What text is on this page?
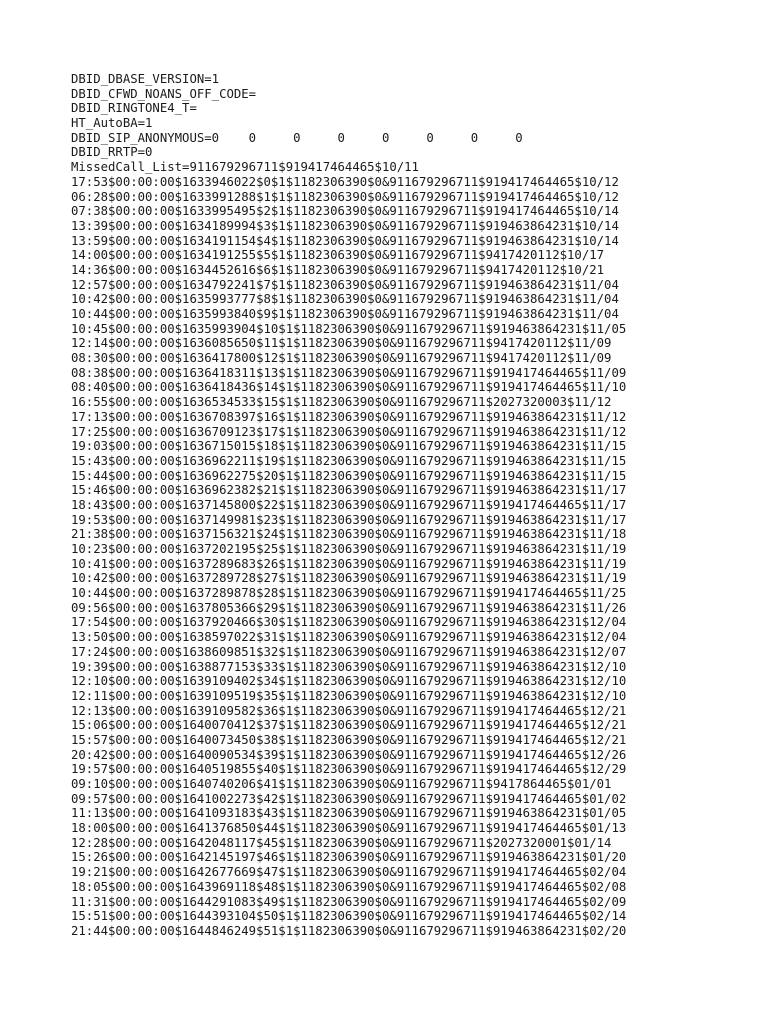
DBID_DBASE_VERSION=1
DBID_CFWD_NOANS_OFF_CODE=
DBID_RINGTONE4_T=
HT_AutoBA=1
DBID_SIP_ANONYMOUS=0    0     0     0     0     0     0     0
DBID_RRTP=0
MissedCall_List=911679296711$919417464465$10/11
17:53$00:00:00$1633946022$0$1$1182306390$0&911679296711$919417464465$10/12
06:28$00:00:00$1633991288$1$1$1182306390$0&911679296711$919417464465$10/12
07:38$00:00:00$1633995495$2$1$1182306390$0&911679296711$919417464465$10/14
13:39$00:00:00$1634189994$3$1$1182306390$0&911679296711$919463864231$10/14
13:59$00:00:00$1634191154$4$1$1182306390$0&911679296711$919463864231$10/14
14:00$00:00:00$1634191255$5$1$1182306390$0&911679296711$9417420112$10/17
14:36$00:00:00$1634452616$6$1$1182306390$0&911679296711$9417420112$10/21
12:57$00:00:00$1634792241$7$1$1182306390$0&911679296711$919463864231$11/04
10:42$00:00:00$1635993777$8$1$1182306390$0&911679296711$919463864231$11/04
10:44$00:00:00$1635993840$9$1$1182306390$0&911679296711$919463864231$11/04
10:45$00:00:00$1635993904$10$1$1182306390$0&911679296711$919463864231$11/05
12:14$00:00:00$1636085650$11$1$1182306390$0&911679296711$9417420112$11/09
08:30$00:00:00$1636417800$12$1$1182306390$0&911679296711$9417420112$11/09
08:38$00:00:00$1636418311$13$1$1182306390$0&911679296711$919417464465$11/09
08:40$00:00:00$1636418436$14$1$1182306390$0&911679296711$919417464465$11/10
16:55$00:00:00$1636534533$15$1$1182306390$0&911679296711$2027320003$11/12
17:13$00:00:00$1636708397$16$1$1182306390$0&911679296711$919463864231$11/12
17:25$00:00:00$1636709123$17$1$1182306390$0&911679296711$919463864231$11/12
19:03$00:00:00$1636715015$18$1$1182306390$0&911679296711$919463864231$11/15
15:43$00:00:00$1636962211$19$1$1182306390$0&911679296711$919463864231$11/15
15:44$00:00:00$1636962275$20$1$1182306390$0&911679296711$919463864231$11/15
15:46$00:00:00$1636962382$21$1$1182306390$0&911679296711$919463864231$11/17
18:43$00:00:00$1637145800$22$1$1182306390$0&911679296711$919417464465$11/17
19:53$00:00:00$1637149981$23$1$1182306390$0&911679296711$919463864231$11/17
21:38$00:00:00$1637156321$24$1$1182306390$0&911679296711$919463864231$11/18
10:23$00:00:00$1637202195$25$1$1182306390$0&911679296711$919463864231$11/19
10:41$00:00:00$1637289683$26$1$1182306390$0&911679296711$919463864231$11/19
10:42$00:00:00$1637289728$27$1$1182306390$0&911679296711$919463864231$11/19
10:44$00:00:00$1637289878$28$1$1182306390$0&911679296711$919417464465$11/25
09:56$00:00:00$1637805366$29$1$1182306390$0&911679296711$919463864231$11/26
17:54$00:00:00$1637920466$30$1$1182306390$0&911679296711$919463864231$12/04
13:50$00:00:00$1638597022$31$1$1182306390$0&911679296711$919463864231$12/04
17:24$00:00:00$1638609851$32$1$1182306390$0&911679296711$919463864231$12/07
19:39$00:00:00$1638877153$33$1$1182306390$0&911679296711$919463864231$12/10
12:10$00:00:00$1639109402$34$1$1182306390$0&911679296711$919463864231$12/10
12:11$00:00:00$1639109519$35$1$1182306390$0&911679296711$919463864231$12/10
12:13$00:00:00$1639109582$36$1$1182306390$0&911679296711$919417464465$12/21
15:06$00:00:00$1640070412$37$1$1182306390$0&911679296711$919417464465$12/21
15:57$00:00:00$1640073450$38$1$1182306390$0&911679296711$919417464465$12/21
20:42$00:00:00$1640090534$39$1$1182306390$0&911679296711$919417464465$12/26
19:57$00:00:00$1640519855$40$1$1182306390$0&911679296711$919417464465$12/29
09:10$00:00:00$1640740206$41$1$1182306390$0&911679296711$9417864465$01/01
09:57$00:00:00$1641002273$42$1$1182306390$0&911679296711$919417464465$01/02
11:13$00:00:00$1641093183$43$1$1182306390$0&911679296711$919463864231$01/05
18:00$00:00:00$1641376850$44$1$1182306390$0&911679296711$919417464465$01/13
12:28$00:00:00$1642048117$45$1$1182306390$0&911679296711$2027320001$01/14
15:26$00:00:00$1642145197$46$1$1182306390$0&911679296711$919463864231$01/20
19:21$00:00:00$1642677669$47$1$1182306390$0&911679296711$919417464465$02/04
18:05$00:00:00$1643969118$48$1$1182306390$0&911679296711$919417464465$02/08
11:31$00:00:00$1644291083$49$1$1182306390$0&911679296711$919417464465$02/09
15:51$00:00:00$1644393104$50$1$1182306390$0&911679296711$919417464465$02/14
21:44$00:00:00$1644846249$51$1$1182306390$0&911679296711$919463864231$02/20
